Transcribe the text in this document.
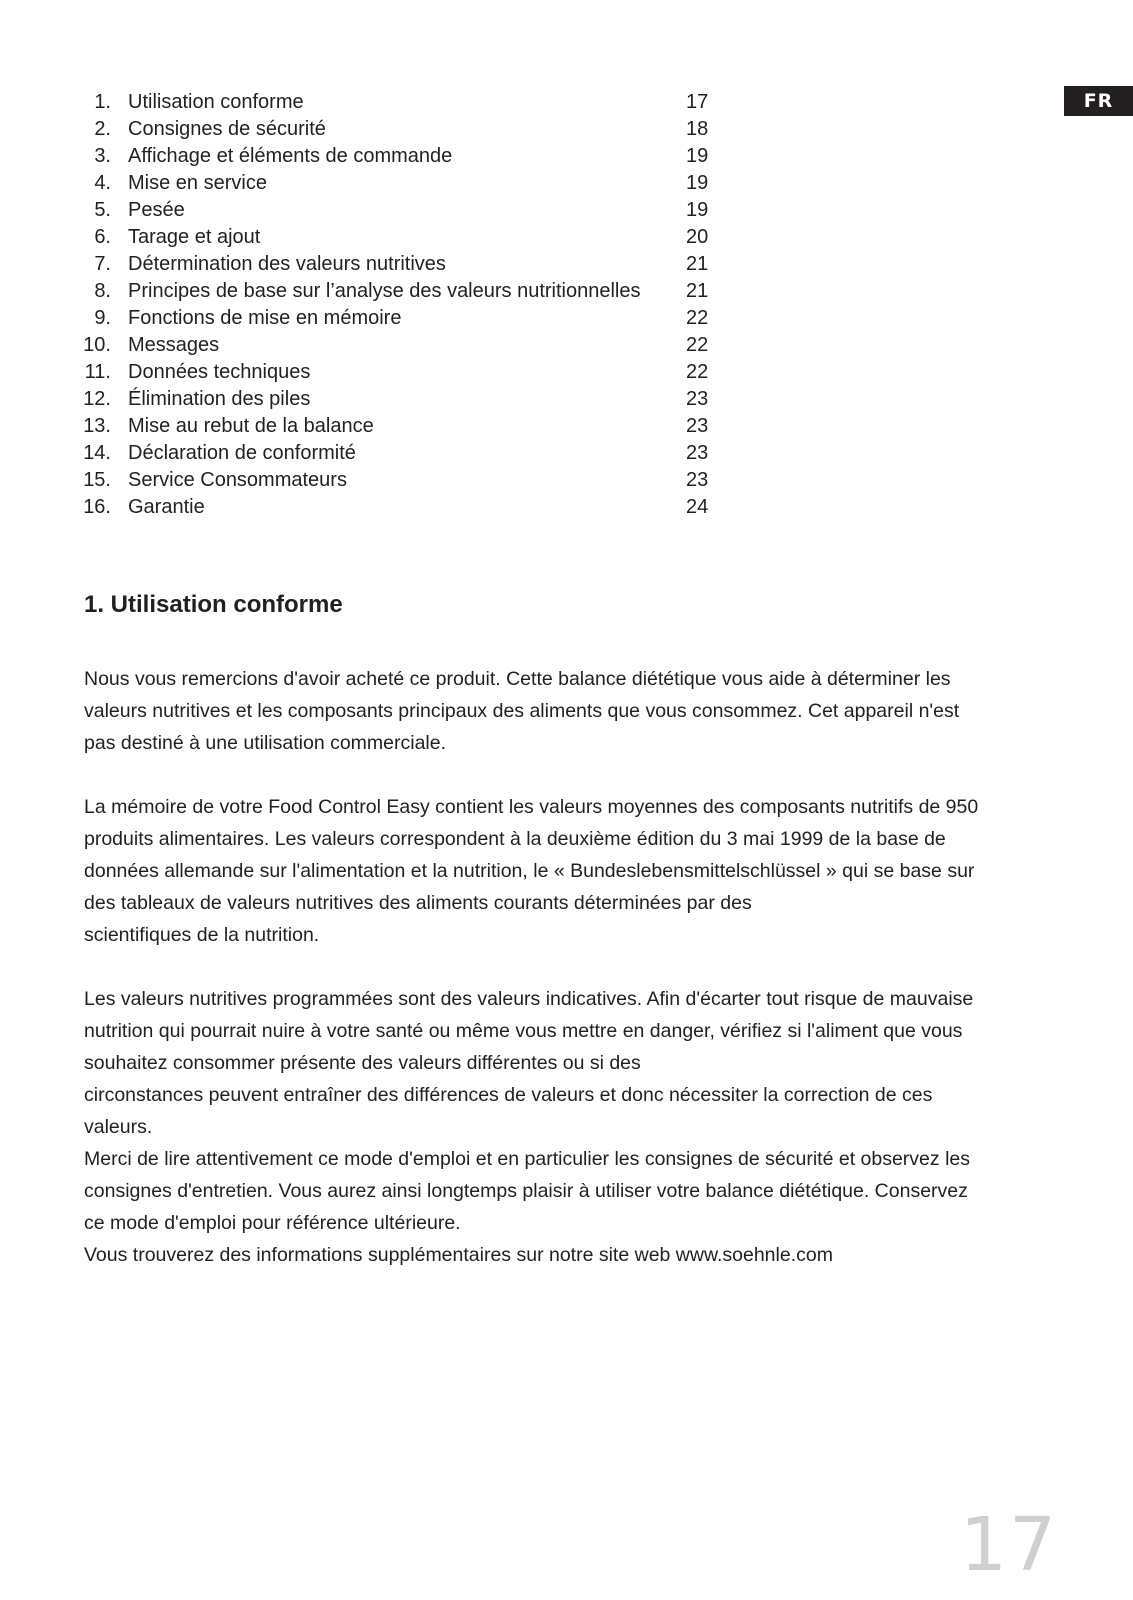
FR
1. Utilisation conforme	17
2. Consignes de sécurité	18
3. Affichage et éléments de commande	19
4. Mise en service	19
5. Pesée	19
6. Tarage et ajout	20
7. Détermination des valeurs nutritives	21
8. Principes de base sur l’analyse des valeurs nutritionnelles 21
9. Fonctions de mise en mémoire	22
10. Messages	22
11. Données techniques	22
12. Élimination des piles	23
13. Mise au rebut de la balance	23
14. Déclaration de conformité	23
15. Service Consommateurs	23
16. Garantie	24
1. Utilisation conforme

Nous vous remercions d'avoir acheté ce produit. Cette balance diététique vous aide à déterminer les
valeurs nutritives et les composants principaux des aliments que vous consommez. Cet appareil n'est
pas destiné à une utilisation commerciale.

La mémoire de votre Food Control Easy contient les valeurs moyennes des composants nutritifs de 950
produits alimentaires. Les valeurs correspondent à la deuxième édition du 3 mai 1999 de la base de
données allemande sur l'alimentation et la nutrition, le « Bundeslebensmittelschlüssel » qui se base sur
des tableaux de valeurs nutritives des aliments courants déterminées par des
scientifiques de la nutrition.

Les valeurs nutritives programmées sont des valeurs indicatives. Afin d'écarter tout risque de mauvaise
nutrition qui pourrait nuire à votre santé ou même vous mettre en danger, vérifiez si l'aliment que vous
souhaitez consommer présente des valeurs différentes ou si des
circonstances peuvent entraîner des différences de valeurs et donc nécessiter la correction de ces
valeurs.

Merci de lire attentivement ce mode d'emploi et en particulier les consignes de sécurité et observez les
consignes d'entretien. Vous aurez ainsi longtemps plaisir à utiliser votre balance diététique. Conservez
ce mode d'emploi pour référence ultérieure.

Vous trouverez des informations supplémentaires sur notre site web www.soehnle.com

17
